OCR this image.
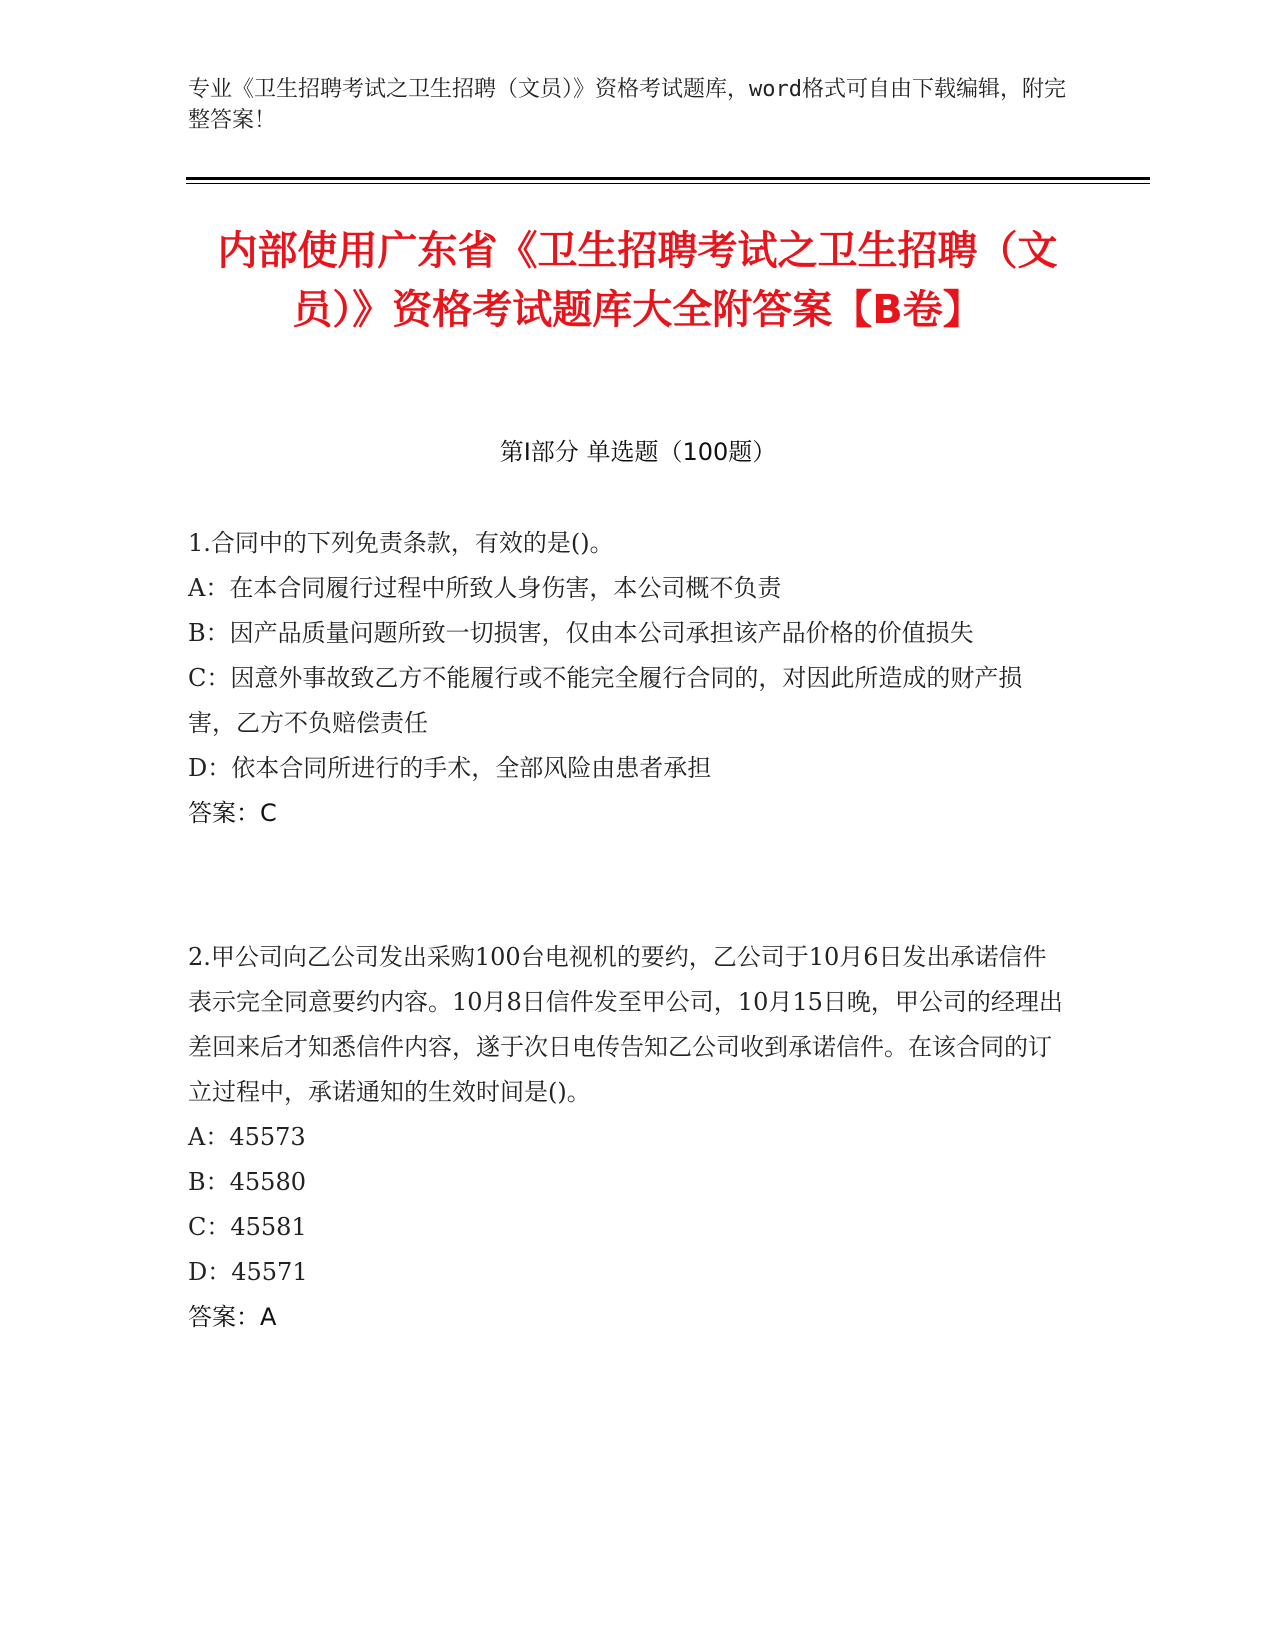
专业《卫生招聘考试之卫生招聘（文员）》资格考试题库，word格式可自由下载编辑，附完整答案！
内部使用广东省《卫生招聘考试之卫生招聘（文员）》资格考试题库大全附答案【B卷】
第I部分 单选题（100题）
1.合同中的下列免责条款，有效的是()。
A：在本合同履行过程中所致人身伤害，本公司概不负责
B：因产品质量问题所致一切损害，仅由本公司承担该产品价格的价值损失
C：因意外事故致乙方不能履行或不能完全履行合同的，对因此所造成的财产损害，乙方不负赔偿责任
D：依本合同所进行的手术，全部风险由患者承担
答案：C
2.甲公司向乙公司发出采购100台电视机的要约，乙公司于10月6日发出承诺信件表示完全同意要约内容。10月8日信件发至甲公司，10月15日晚，甲公司的经理出差回来后才知悉信件内容，遂于次日电传告知乙公司收到承诺信件。在该合同的订立过程中，承诺通知的生效时间是()。
A：45573
B：45580
C：45581
D：45571
答案：A
